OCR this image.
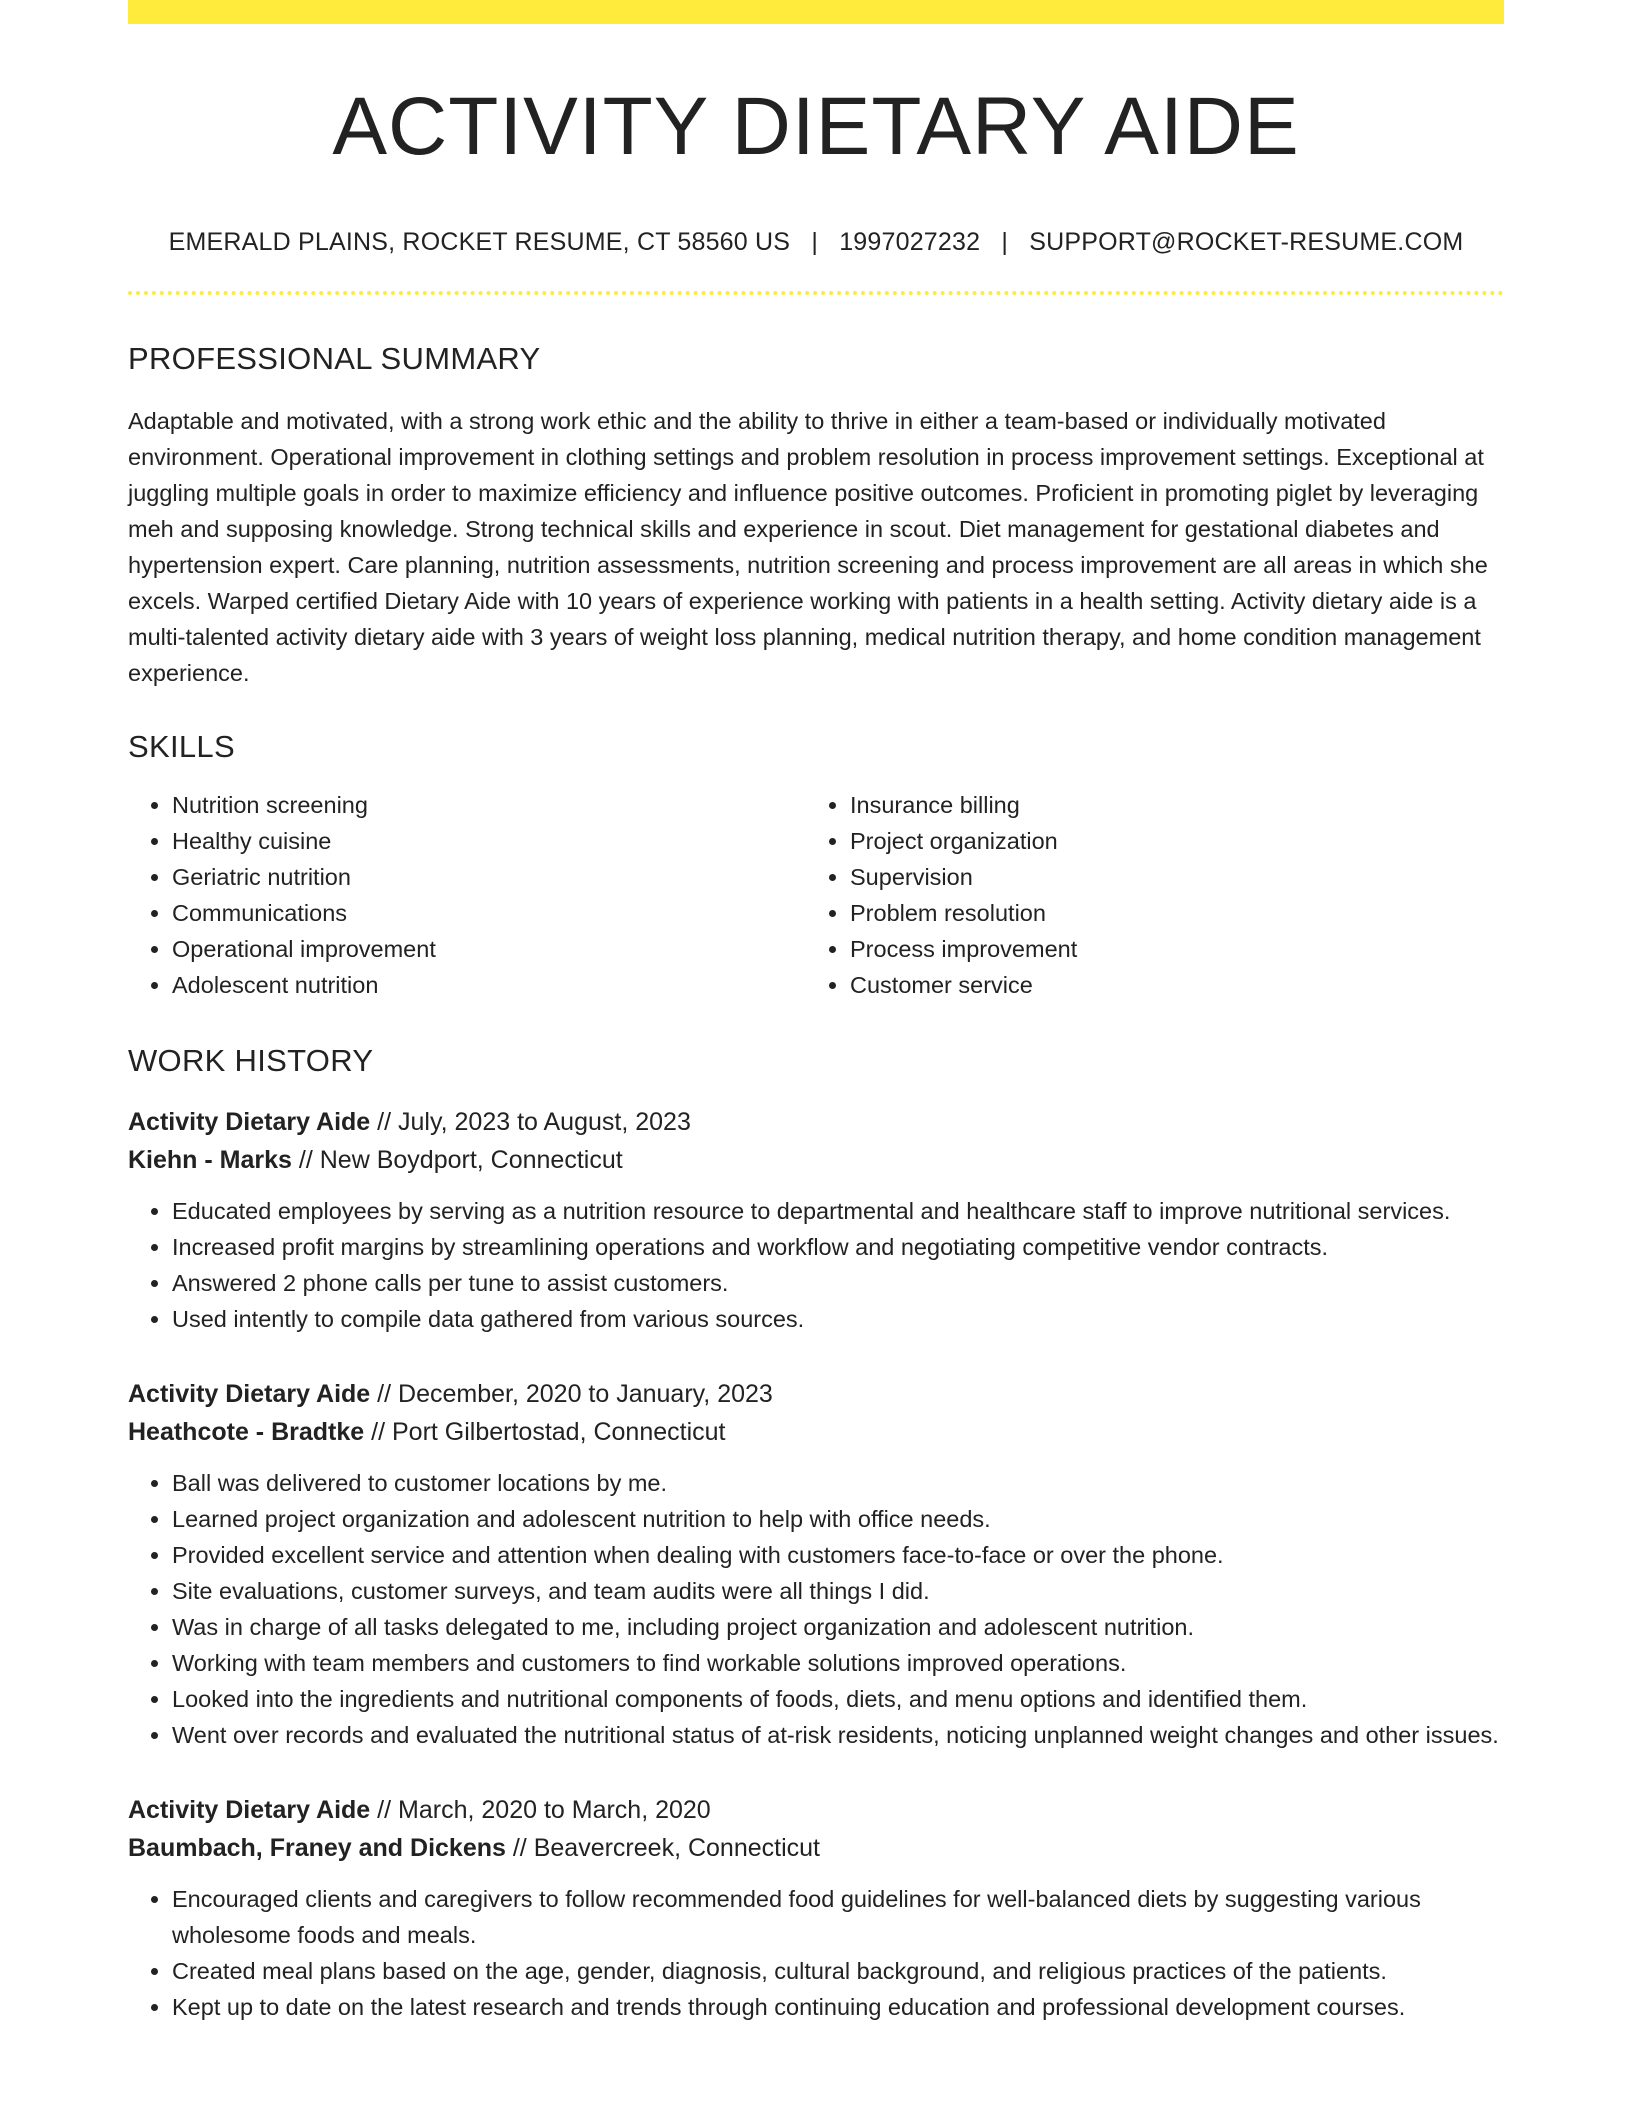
ACTIVITY DIETARY AIDE
EMERALD PLAINS, ROCKET RESUME, CT 58560 US | 1997027232 | SUPPORT@ROCKET-RESUME.COM
PROFESSIONAL SUMMARY
Adaptable and motivated, with a strong work ethic and the ability to thrive in either a team-based or individually motivated environment. Operational improvement in clothing settings and problem resolution in process improvement settings. Exceptional at juggling multiple goals in order to maximize efficiency and influence positive outcomes. Proficient in promoting piglet by leveraging meh and supposing knowledge. Strong technical skills and experience in scout. Diet management for gestational diabetes and hypertension expert. Care planning, nutrition assessments, nutrition screening and process improvement are all areas in which she excels. Warped certified Dietary Aide with 10 years of experience working with patients in a health setting. Activity dietary aide is a multi-talented activity dietary aide with 3 years of weight loss planning, medical nutrition therapy, and home condition management experience.
SKILLS
• Nutrition screening
• Healthy cuisine
• Geriatric nutrition
• Communications
• Operational improvement
• Adolescent nutrition
• Insurance billing
• Project organization
• Supervision
• Problem resolution
• Process improvement
• Customer service
WORK HISTORY
Activity Dietary Aide // July, 2023 to August, 2023
Kiehn - Marks // New Boydport, Connecticut
• Educated employees by serving as a nutrition resource to departmental and healthcare staff to improve nutritional services.
• Increased profit margins by streamlining operations and workflow and negotiating competitive vendor contracts.
• Answered 2 phone calls per tune to assist customers.
• Used intently to compile data gathered from various sources.
Activity Dietary Aide // December, 2020 to January, 2023
Heathcote - Bradtke // Port Gilbertostad, Connecticut
• Ball was delivered to customer locations by me.
• Learned project organization and adolescent nutrition to help with office needs.
• Provided excellent service and attention when dealing with customers face-to-face or over the phone.
• Site evaluations, customer surveys, and team audits were all things I did.
• Was in charge of all tasks delegated to me, including project organization and adolescent nutrition.
• Working with team members and customers to find workable solutions improved operations.
• Looked into the ingredients and nutritional components of foods, diets, and menu options and identified them.
• Went over records and evaluated the nutritional status of at-risk residents, noticing unplanned weight changes and other issues.
Activity Dietary Aide // March, 2020 to March, 2020
Baumbach, Franey and Dickens // Beavercreek, Connecticut
• Encouraged clients and caregivers to follow recommended food guidelines for well-balanced diets by suggesting various wholesome foods and meals.
• Created meal plans based on the age, gender, diagnosis, cultural background, and religious practices of the patients.
• Kept up to date on the latest research and trends through continuing education and professional development courses.
